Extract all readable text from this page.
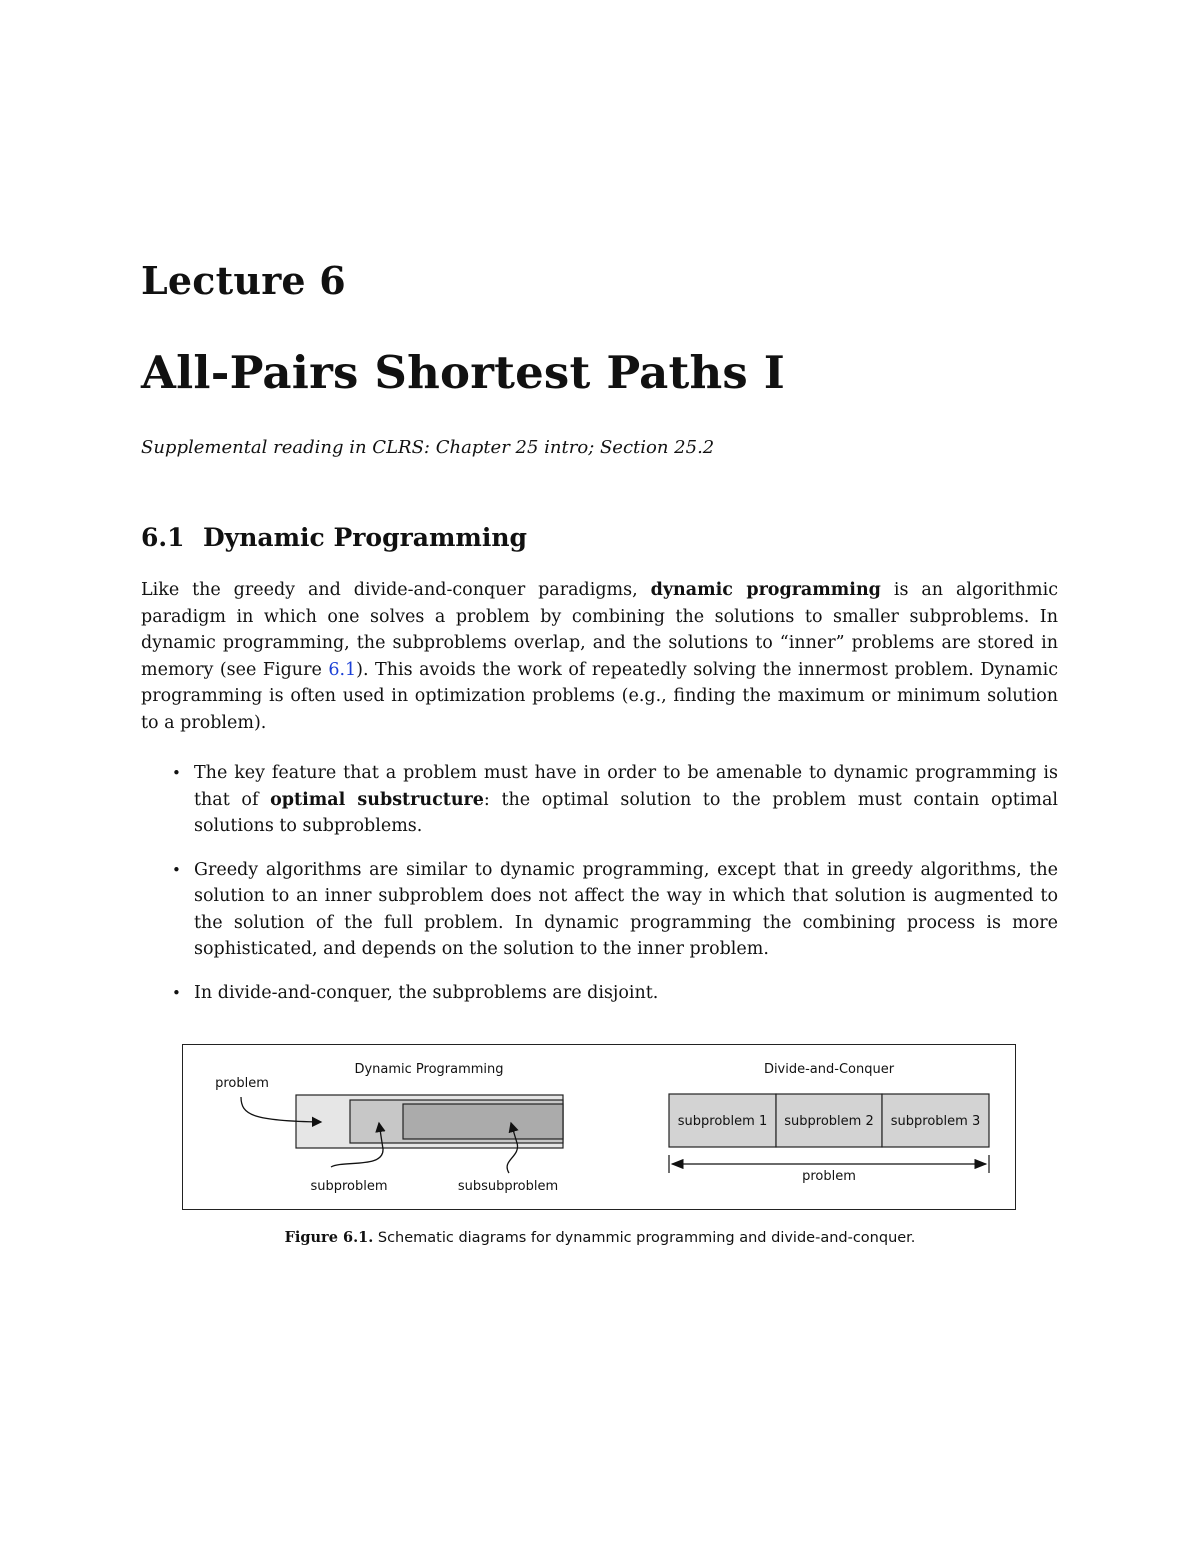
Lecture 6
All-Pairs Shortest Paths I

Supplemental reading in CLRS: Chapter 25 intro; Section 25.2

6.1 Dynamic Programming

Like the greedy and divide-and-conquer paradigms, dynamic programming is an algorithmic paradigm in which one solves a problem by combining the solutions to smaller subproblems. In dynamic programming, the subproblems overlap, and the solutions to “inner” problems are stored in memory (see Figure 6.1). This avoids the work of repeatedly solving the innermost problem. Dynamic programming is often used in optimization problems (e.g., finding the maximum or minimum solution to a problem).

• The key feature that a problem must have in order to be amenable to dynamic programming is that of optimal substructure: the optimal solution to the problem must contain optimal solutions to subproblems.
• Greedy algorithms are similar to dynamic programming, except that in greedy algorithms, the solution to an inner subproblem does not affect the way in which that solution is augmented to the solution of the full problem. In dynamic programming the combining process is more sophisticated, and depends on the solution to the inner problem.
• In divide-and-conquer, the subproblems are disjoint.
Dynamic Programming
problem
subproblem	subsubproblem
Divide-and-Conquer
subproblem 1 subproblem 2 subproblem 3
problem

Figure 6.1. Schematic diagrams for dynammic programming and divide-and-conquer.
